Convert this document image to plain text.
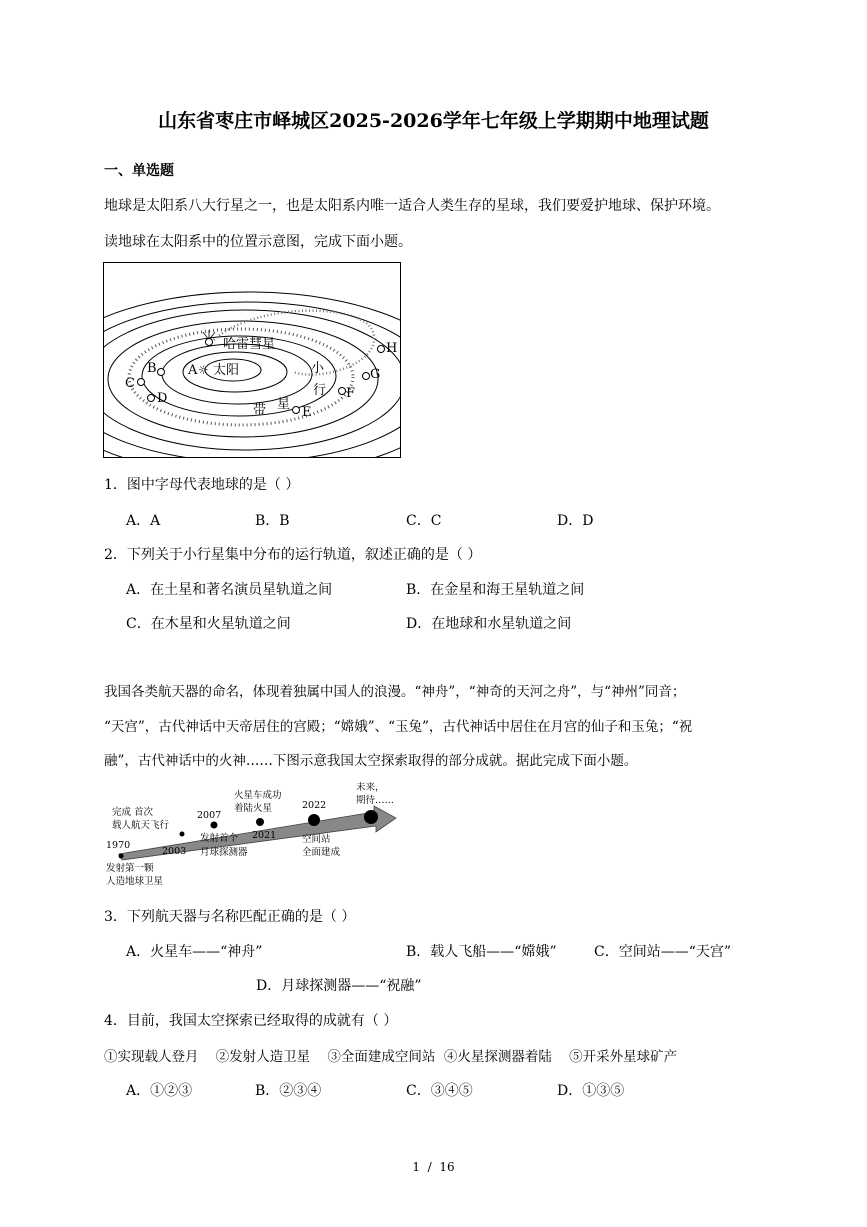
山东省枣庄市峄城区2025-2026学年七年级上学期期中地理试题
一、单选题
地球是太阳系八大行星之一，也是太阳系内唯一适合人类生存的星球，我们要爱护地球、保护环境。
读地球在太阳系中的位置示意图，完成下面小题。
哈雷彗星
A ☼ 太阳
B
C
D
E
F
G
H
小
行
带 星
1．图中字母代表地球的是（ ）
A．A	B．B	C．C	D．D
2．下列关于小行星集中分布的运行轨道，叙述正确的是（ ）
A．在土星和著名演员星轨道之间	B．在金星和海王星轨道之间
C．在木星和火星轨道之间	D．在地球和水星轨道之间
我国各类航天器的命名，体现着独属中国人的浪漫。“神舟”，“神奇的天河之舟”，与“神州”同音；
“天宫”，古代神话中天帝居住的宫殿；“嫦娥”、“玉兔”，古代神话中居住在月宫的仙子和玉兔；“祝
融”，古代神话中的火神……下图示意我国太空探索取得的部分成就。据此完成下面小题。
1970
发射第一颗
人造地球卫星
2003
完成 首次
载人航天飞行
2007
发射首个
月球探测器
2021
火星车成功
着陆火星	2022
空间站
全面建成
未来，
期待……
3．下列航天器与名称匹配正确的是（ ）
A．火星车——“神舟”	B．载人飞船——“嫦娥”	C．空间站——“天宫”
D．月球探测器——“祝融”
4．目前，我国太空探索已经取得的成就有（ ）
①实现载人登月    ②发射人造卫星    ③全面建成空间站  ④火星探测器着陆    ⑤开采外星球矿产
A．①②③	B．②③④	C．③④⑤	D．①③⑤
1  /  16
